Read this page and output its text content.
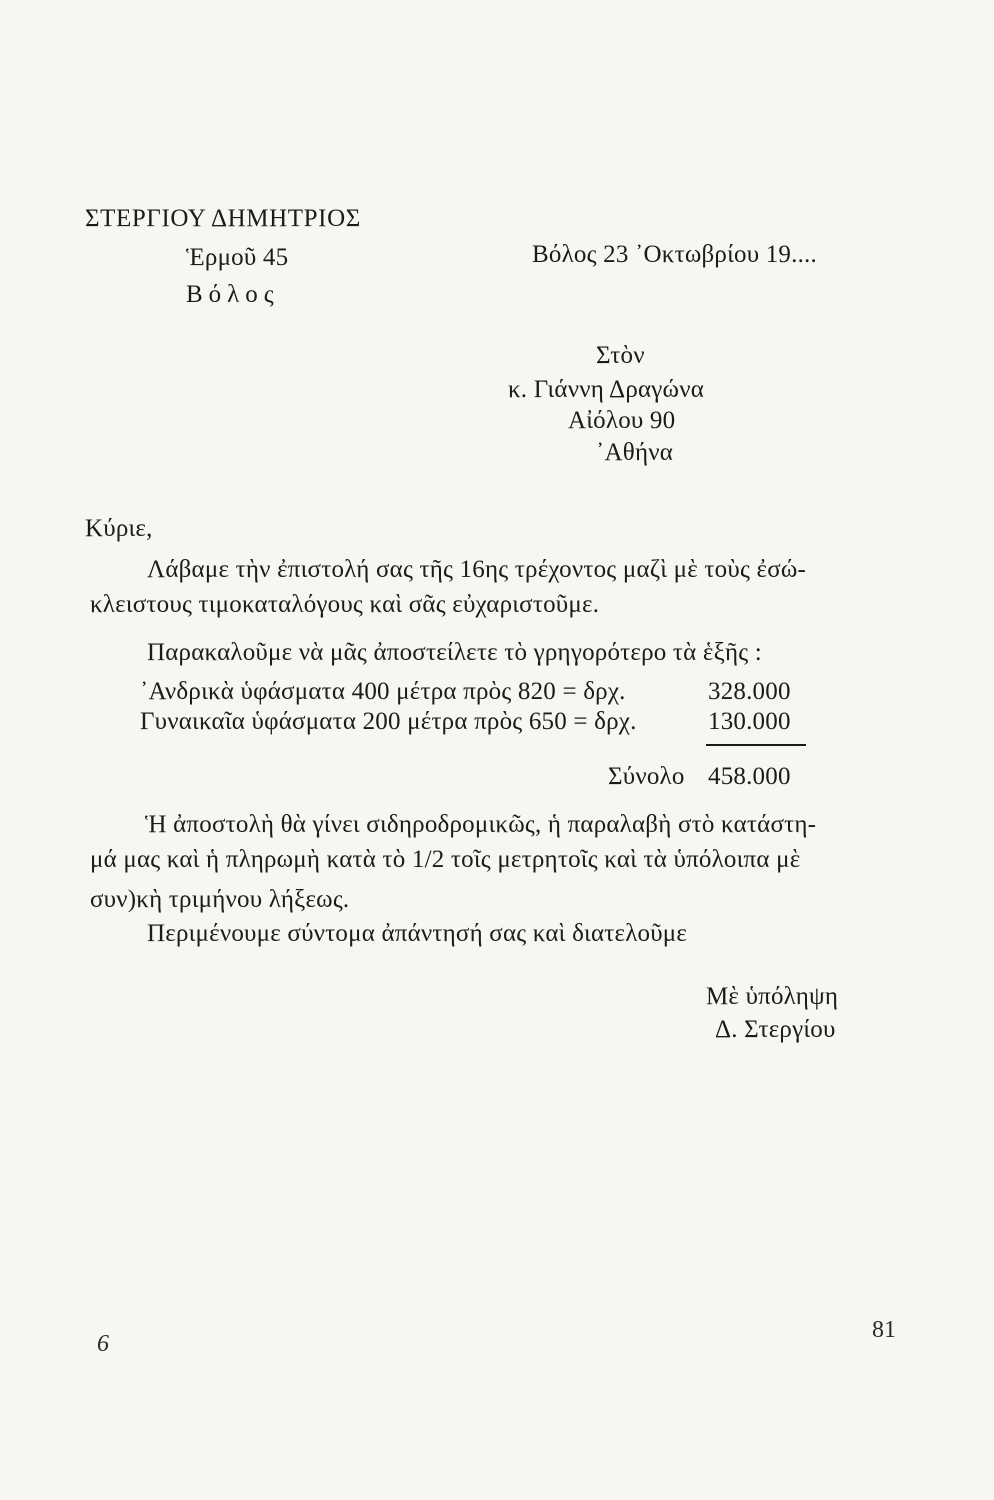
ΣΤΕΡΓΙΟΥ ΔΗΜΗΤΡΙΟΣ
Ἑρμοῦ 45
Βόλος
Βόλος 23 ᾿Οκτωβρίου 19....
Στὸν
κ. Γιάννη Δραγώνα
Αἰόλου 90
᾿Αθήνα
Κύριε,
Λάβαμε τὴν ἐπιστολή σας τῆς 16ης τρέχοντος μαζὶ μὲ τοὺς ἐσώ-
κλειστους τιμοκαταλόγους καὶ σᾶς εὐχαριστοῦμε.
Παρακαλοῦμε νὰ μᾶς ἀποστείλετε τὸ γρηγορότερο τὰ ἑξῆς :
᾿Ανδρικὰ ὑφάσματα 400 μέτρα πρὸς 820 = δρχ.	328.000
Γυναικαῖα ὑφάσματα 200 μέτρα πρὸς 650 = δρχ.	130.000
Σύνολο 458.000
Ἡ ἀποστολὴ θὰ γίνει σιδηροδρομικῶς, ἡ παραλαβὴ στὸ κατάστη-
μά μας καὶ ἡ πληρωμὴ κατὰ τὸ 1/2 τοῖς μετρητοῖς καὶ τὰ ὑπόλοιπα μὲ
συν)κὴ τριμήνου λήξεως.
Περιμένουμε σύντομα ἀπάντησή σας καὶ διατελοῦμε
Μὲ ὑπόληψη
Δ. Στεργίου
6
81
